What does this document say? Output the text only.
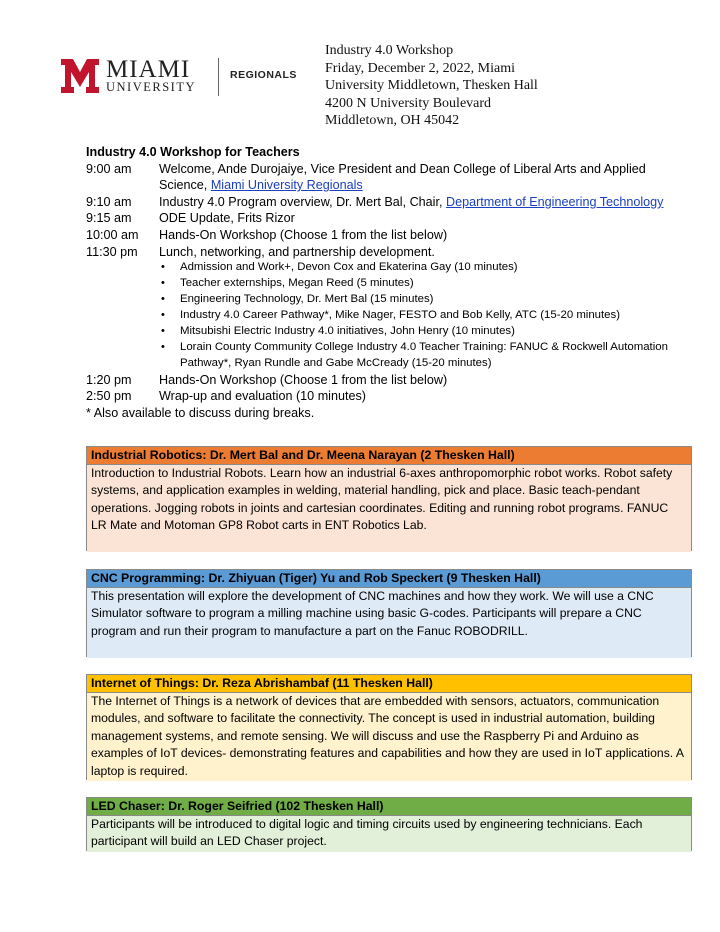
MIAMI
UNIVERSITY
REGIONALS
Industry 4.0 Workshop
Friday, December 2, 2022, Miami
University Middletown, Thesken Hall
4200 N University Boulevard
Middletown, OH 45042
Industry 4.0 Workshop for Teachers
9:00 am	Welcome, Ande Durojaiye, Vice President and Dean College of Liberal Arts and Applied Science, Miami University Regionals
9:10 am	Industry 4.0 Program overview, Dr. Mert Bal, Chair, Department of Engineering Technology
9:15 am	ODE Update, Frits Rizor
10:00 am	Hands-On Workshop (Choose 1 from the list below)
11:30 pm	Lunch, networking, and partnership development.
• Admission and Work+, Devon Cox and Ekaterina Gay (10 minutes)
• Teacher externships, Megan Reed (5 minutes)
• Engineering Technology, Dr. Mert Bal (15 minutes)
• Industry 4.0 Career Pathway*, Mike Nager, FESTO and Bob Kelly, ATC (15-20 minutes)
• Mitsubishi Electric Industry 4.0 initiatives, John Henry (10 minutes)
• Lorain County Community College Industry 4.0 Teacher Training: FANUC & Rockwell Automation Pathway*, Ryan Rundle and Gabe McCready (15-20 minutes)
1:20 pm	Hands-On Workshop (Choose 1 from the list below)
2:50 pm	Wrap-up and evaluation (10 minutes)
* Also available to discuss during breaks.
Industrial Robotics: Dr. Mert Bal and Dr. Meena Narayan (2 Thesken Hall)
Introduction to Industrial Robots. Learn how an industrial 6-axes anthropomorphic robot works. Robot safety systems, and application examples in welding, material handling, pick and place. Basic teach-pendant operations. Jogging robots in joints and cartesian coordinates. Editing and running robot programs. FANUC LR Mate and Motoman GP8 Robot carts in ENT Robotics Lab.
CNC Programming: Dr. Zhiyuan (Tiger) Yu and Rob Speckert (9 Thesken Hall)
This presentation will explore the development of CNC machines and how they work. We will use a CNC Simulator software to program a milling machine using basic G-codes. Participants will prepare a CNC program and run their program to manufacture a part on the Fanuc ROBODRILL.
Internet of Things: Dr. Reza Abrishambaf (11 Thesken Hall)
The Internet of Things is a network of devices that are embedded with sensors, actuators, communication modules, and software to facilitate the connectivity. The concept is used in industrial automation, building management systems, and remote sensing. We will discuss and use the Raspberry Pi and Arduino as examples of IoT devices- demonstrating features and capabilities and how they are used in IoT applications. A laptop is required.
LED Chaser: Dr. Roger Seifried (102 Thesken Hall)
Participants will be introduced to digital logic and timing circuits used by engineering technicians. Each participant will build an LED Chaser project.
